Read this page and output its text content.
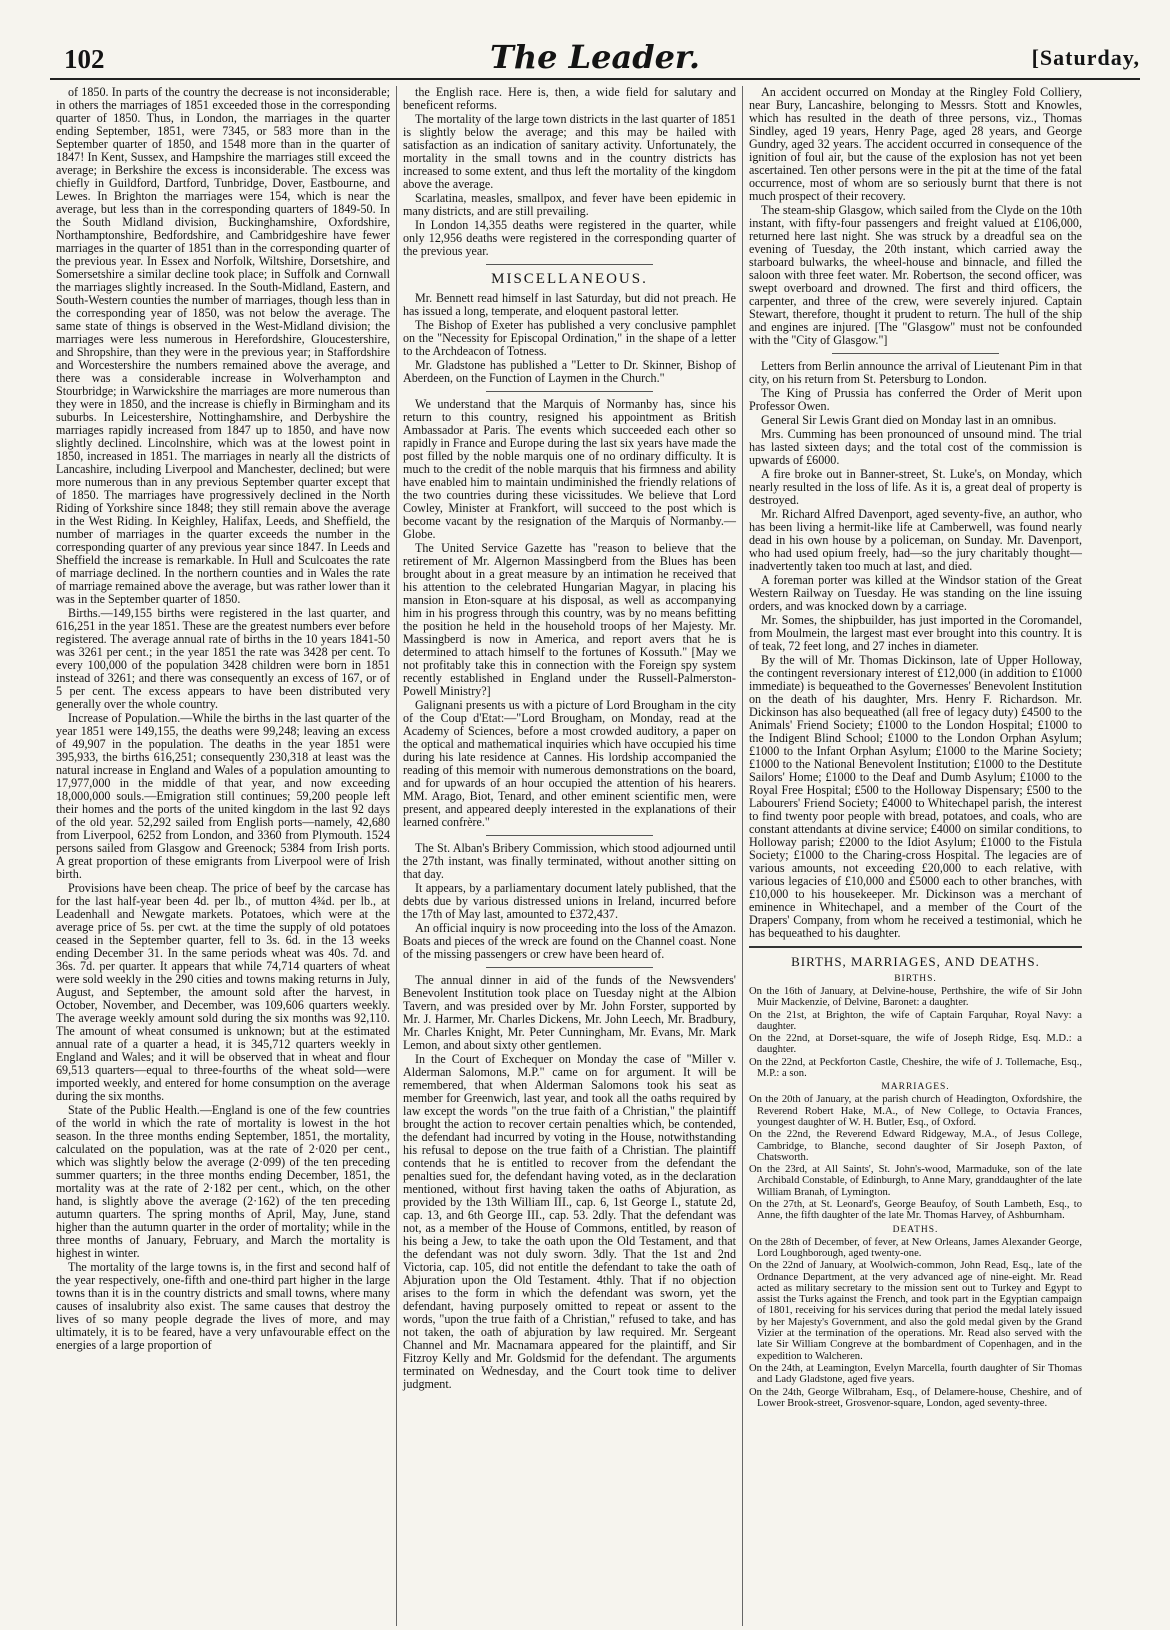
102	The Leader.	[Saturday,

of 1850. In parts of the country the decrease is not inconsiderable; in others the marriages of 1851 exceeded those in the corresponding quarter of 1850. Thus, in London, the marriages in the quarter ending September, 1851, were 7345, or 583 more than in the September quarter of 1850, and 1548 more than in the quarter of 1847! In Kent, Sussex, and Hampshire the marriages still exceed the average; in Berkshire the excess is inconsiderable. The excess was chiefly in Guildford, Dartford, Tunbridge, Dover, Eastbourne, and Lewes. In Brighton the marriages were 154, which is near the average, but less than in the corresponding quarters of 1849-50. In the South Midland division, Buckinghamshire, Oxfordshire, Northamptonshire, Bedfordshire, and Cambridgeshire have fewer marriages in the quarter of 1851 than in the corresponding quarter of the previous year. In Essex and Norfolk, Wiltshire, Dorsetshire, and Somersetshire a similar decline took place; in Suffolk and Cornwall the marriages slightly increased. In the South-Midland, Eastern, and South-Western counties the number of marriages, though less than in the corresponding year of 1850, was not below the average. The same state of things is observed in the West-Midland division; the marriages were less numerous in Herefordshire, Gloucestershire, and Shropshire, than they were in the previous year; in Staffordshire and Worcestershire the numbers remained above the average, and there was a considerable increase in Wolverhampton and Stourbridge; in Warwickshire the marriages are more numerous than they were in 1850, and the increase is chiefly in Birmingham and its suburbs. In Leicestershire, Nottinghamshire, and Derbyshire the marriages rapidly increased from 1847 up to 1850, and have now slightly declined. Lincolnshire, which was at the lowest point in 1850, increased in 1851. The marriages in nearly all the districts of Lancashire, including Liverpool and Manchester, declined; but were more numerous than in any previous September quarter except that of 1850. The marriages have progressively declined in the North Riding of Yorkshire since 1848; they still remain above the average in the West Riding. In Keighley, Halifax, Leeds, and Sheffield, the number of marriages in the quarter exceeds the number in the corresponding quarter of any previous year since 1847. In Leeds and Sheffield the increase is remarkable. In Hull and Sculcoates the rate of marriage declined. In the northern counties and in Wales the rate of marriage remained above the average, but was rather lower than it was in the September quarter of 1850.

Births.—149,155 births were registered in the last quarter, and 616,251 in the year 1851. These are the greatest numbers ever before registered. The average annual rate of births in the 10 years 1841-50 was 3261 per cent.; in the year 1851 the rate was 3428 per cent. To every 100,000 of the population 3428 children were born in 1851 instead of 3261; and there was consequently an excess of 167, or of 5 per cent. The excess appears to have been distributed very generally over the whole country.

Increase of Population.—While the births in the last quarter of the year 1851 were 149,155, the deaths were 99,248; leaving an excess of 49,907 in the population. The deaths in the year 1851 were 395,933, the births 616,251; consequently 230,318 at least was the natural increase in England and Wales of a population amounting to 17,977,000 in the middle of that year, and now exceeding 18,000,000 souls.—Emigration still continues; 59,200 people left their homes and the ports of the united kingdom in the last 92 days of the old year. 52,292 sailed from English ports—namely, 42,680 from Liverpool, 6252 from London, and 3360 from Plymouth. 1524 persons sailed from Glasgow and Greenock; 5384 from Irish ports. A great proportion of these emigrants from Liverpool were of Irish birth.

Provisions have been cheap. The price of beef by the carcase has for the last half-year been 4d. per lb., of mutton 4¾d. per lb., at Leadenhall and Newgate markets. Potatoes, which were at the average price of 5s. per cwt. at the time the supply of old potatoes ceased in the September quarter, fell to 3s. 6d. in the 13 weeks ending December 31. In the same periods wheat was 40s. 7d. and 36s. 7d. per quarter. It appears that while 74,714 quarters of wheat were sold weekly in the 290 cities and towns making returns in July, August, and September, the amount sold after the harvest, in October, November, and December, was 109,606 quarters weekly. The average weekly amount sold during the six months was 92,110. The amount of wheat consumed is unknown; but at the estimated annual rate of a quarter a head, it is 345,712 quarters weekly in England and Wales; and it will be observed that in wheat and flour 69,513 quarters—equal to three-fourths of the wheat sold—were imported weekly, and entered for home consumption on the average during the six months.

State of the Public Health.—England is one of the few countries of the world in which the rate of mortality is lowest in the hot season. In the three months ending September, 1851, the mortality, calculated on the population, was at the rate of 2·020 per cent., which was slightly below the average (2·099) of the ten preceding summer quarters; in the three months ending December, 1851, the mortality was at the rate of 2·182 per cent., which, on the other hand, is slightly above the average (2·162) of the ten preceding autumn quarters. The spring months of April, May, June, stand higher than the autumn quarter in the order of mortality; while in the three months of January, February, and March the mortality is highest in winter.

The mortality of the large towns is, in the first and second half of the year respectively, one-fifth and one-third part higher in the large towns than it is in the country districts and small towns, where many causes of insalubrity also exist. The same causes that destroy the lives of so many people degrade the lives of more, and may ultimately, it is to be feared, have a very unfavourable effect on the energies of a large proportion of

the English race. Here is, then, a wide field for salutary and beneficent reforms.

The mortality of the large town districts in the last quarter of 1851 is slightly below the average; and this may be hailed with satisfaction as an indication of sanitary activity. Unfortunately, the mortality in the small towns and in the country districts has increased to some extent, and thus left the mortality of the kingdom above the average.

Scarlatina, measles, smallpox, and fever have been epidemic in many districts, and are still prevailing.

In London 14,355 deaths were registered in the quarter, while only 12,956 deaths were registered in the corresponding quarter of the previous year.

MISCELLANEOUS.

Mr. Bennett read himself in last Saturday, but did not preach. He has issued a long, temperate, and eloquent pastoral letter.

The Bishop of Exeter has published a very conclusive pamphlet on the "Necessity for Episcopal Ordination," in the shape of a letter to the Archdeacon of Totness.

Mr. Gladstone has published a "Letter to Dr. Skinner, Bishop of Aberdeen, on the Function of Laymen in the Church."

We understand that the Marquis of Normanby has, since his return to this country, resigned his appointment as British Ambassador at Paris. The events which succeeded each other so rapidly in France and Europe during the last six years have made the post filled by the noble marquis one of no ordinary difficulty. It is much to the credit of the noble marquis that his firmness and ability have enabled him to maintain undiminished the friendly relations of the two countries during these vicissitudes. We believe that Lord Cowley, Minister at Frankfort, will succeed to the post which is become vacant by the resignation of the Marquis of Normanby.—Globe.

The United Service Gazette has "reason to believe that the retirement of Mr. Algernon Massingberd from the Blues has been brought about in a great measure by an intimation he received that his attention to the celebrated Hungarian Magyar, in placing his mansion in Eton-square at his disposal, as well as accompanying him in his progress through this country, was by no means befitting the position he held in the household troops of her Majesty. Mr. Massingberd is now in America, and report avers that he is determined to attach himself to the fortunes of Kossuth." [May we not profitably take this in connection with the Foreign spy system recently established in England under the Russell-Palmerston-Powell Ministry?]

Galignani presents us with a picture of Lord Brougham in the city of the Coup d'Etat:—"Lord Brougham, on Monday, read at the Academy of Sciences, before a most crowded auditory, a paper on the optical and mathematical inquiries which have occupied his time during his late residence at Cannes. His lordship accompanied the reading of this memoir with numerous demonstrations on the board, and for upwards of an hour occupied the attention of his hearers. MM. Arago, Biot, Tenard, and other eminent scientific men, were present, and appeared deeply interested in the explanations of their learned confrère."

The St. Alban's Bribery Commission, which stood adjourned until the 27th instant, was finally terminated, without another sitting on that day.

It appears, by a parliamentary document lately published, that the debts due by various distressed unions in Ireland, incurred before the 17th of May last, amounted to £372,437.

An official inquiry is now proceeding into the loss of the Amazon. Boats and pieces of the wreck are found on the Channel coast. None of the missing passengers or crew have been heard of.

The annual dinner in aid of the funds of the Newsvenders' Benevolent Institution took place on Tuesday night at the Albion Tavern, and was presided over by Mr. John Forster, supported by Mr. J. Harmer, Mr. Charles Dickens, Mr. John Leech, Mr. Bradbury, Mr. Charles Knight, Mr. Peter Cunningham, Mr. Evans, Mr. Mark Lemon, and about sixty other gentlemen.

In the Court of Exchequer on Monday the case of "Miller v. Alderman Salomons, M.P." came on for argument. It will be remembered, that when Alderman Salomons took his seat as member for Greenwich, last year, and took all the oaths required by law except the words "on the true faith of a Christian," the plaintiff brought the action to recover certain penalties which, be contended, the defendant had incurred by voting in the House, notwithstanding his refusal to depose on the true faith of a Christian. The plaintiff contends that he is entitled to recover from the defendant the penalties sued for, the defendant having voted, as in the declaration mentioned, without first having taken the oaths of Abjuration, as provided by the 13th William III., cap. 6, 1st George I., statute 2d, cap. 13, and 6th George III., cap. 53. 2dly. That the defendant was not, as a member of the House of Commons, entitled, by reason of his being a Jew, to take the oath upon the Old Testament, and that the defendant was not duly sworn. 3dly. That the 1st and 2nd Victoria, cap. 105, did not entitle the defendant to take the oath of Abjuration upon the Old Testament. 4thly. That if no objection arises to the form in which the defendant was sworn, yet the defendant, having purposely omitted to repeat or assent to the words, "upon the true faith of a Christian," refused to take, and has not taken, the oath of abjuration by law required. Mr. Sergeant Channel and Mr. Macnamara appeared for the plaintiff, and Sir Fitzroy Kelly and Mr. Goldsmid for the defendant. The arguments terminated on Wednesday, and the Court took time to deliver judgment.

An accident occurred on Monday at the Ringley Fold Colliery, near Bury, Lancashire, belonging to Messrs. Stott and Knowles, which has resulted in the death of three persons, viz., Thomas Sindley, aged 19 years, Henry Page, aged 28 years, and George Gundry, aged 32 years. The accident occurred in consequence of the ignition of foul air, but the cause of the explosion has not yet been ascertained. Ten other persons were in the pit at the time of the fatal occurrence, most of whom are so seriously burnt that there is not much prospect of their recovery.

The steam-ship Glasgow, which sailed from the Clyde on the 10th instant, with fifty-four passengers and freight valued at £106,000, returned here last night. She was struck by a dreadful sea on the evening of Tuesday, the 20th instant, which carried away the starboard bulwarks, the wheel-house and binnacle, and filled the saloon with three feet water. Mr. Robertson, the second officer, was swept overboard and drowned. The first and third officers, the carpenter, and three of the crew, were severely injured. Captain Stewart, therefore, thought it prudent to return. The hull of the ship and engines are injured. [The "Glasgow" must not be confounded with the "City of Glasgow."]

Letters from Berlin announce the arrival of Lieutenant Pim in that city, on his return from St. Petersburg to London.

The King of Prussia has conferred the Order of Merit upon Professor Owen.

General Sir Lewis Grant died on Monday last in an omnibus.

Mrs. Cumming has been pronounced of unsound mind. The trial has lasted sixteen days; and the total cost of the commission is upwards of £6000.

A fire broke out in Banner-street, St. Luke's, on Monday, which nearly resulted in the loss of life. As it is, a great deal of property is destroyed.

Mr. Richard Alfred Davenport, aged seventy-five, an author, who has been living a hermit-like life at Camberwell, was found nearly dead in his own house by a policeman, on Sunday. Mr. Davenport, who had used opium freely, had—so the jury charitably thought—inadvertently taken too much at last, and died.

A foreman porter was killed at the Windsor station of the Great Western Railway on Tuesday. He was standing on the line issuing orders, and was knocked down by a carriage.

Mr. Somes, the shipbuilder, has just imported in the Coromandel, from Moulmein, the largest mast ever brought into this country. It is of teak, 72 feet long, and 27 inches in diameter.

By the will of Mr. Thomas Dickinson, late of Upper Holloway, the contingent reversionary interest of £12,000 (in addition to £1000 immediate) is bequeathed to the Governesses' Benevolent Institution on the death of his daughter, Mrs. Henry F. Richardson. Mr. Dickinson has also bequeathed (all free of legacy duty) £4500 to the Animals' Friend Society; £1000 to the London Hospital; £1000 to the Indigent Blind School; £1000 to the London Orphan Asylum; £1000 to the Infant Orphan Asylum; £1000 to the Marine Society; £1000 to the National Benevolent Institution; £1000 to the Destitute Sailors' Home; £1000 to the Deaf and Dumb Asylum; £1000 to the Royal Free Hospital; £500 to the Holloway Dispensary; £500 to the Labourers' Friend Society; £4000 to Whitechapel parish, the interest to find twenty poor people with bread, potatoes, and coals, who are constant attendants at divine service; £4000 on similar conditions, to Holloway parish; £2000 to the Idiot Asylum; £1000 to the Fistula Society; £1000 to the Charing-cross Hospital. The legacies are of various amounts, not exceeding £20,000 to each relative, with various legacies of £10,000 and £5000 each to other branches, with £10,000 to his housekeeper. Mr. Dickinson was a merchant of eminence in Whitechapel, and a member of the Court of the Drapers' Company, from whom he received a testimonial, which he has bequeathed to his daughter.

BIRTHS, MARRIAGES, AND DEATHS.
BIRTHS.

On the 16th of January, at Delvine-house, Perthshire, the wife of Sir John Muir Mackenzie, of Delvine, Baronet: a daughter.

On the 21st, at Brighton, the wife of Captain Farquhar, Royal Navy: a daughter.

On the 22nd, at Dorset-square, the wife of Joseph Ridge, Esq. M.D.: a daughter.

On the 22nd, at Peckforton Castle, Cheshire, the wife of J. Tollemache, Esq., M.P.: a son.

MARRIAGES.

On the 20th of January, at the parish church of Headington, Oxfordshire, the Reverend Robert Hake, M.A., of New College, to Octavia Frances, youngest daughter of W. H. Butler, Esq., of Oxford.

On the 22nd, the Reverend Edward Ridgeway, M.A., of Jesus College, Cambridge, to Blanche, second daughter of Sir Joseph Paxton, of Chatsworth.

On the 23rd, at All Saints', St. John's-wood, Marmaduke, son of the late Archibald Constable, of Edinburgh, to Anne Mary, granddaughter of the late William Branah, of Lymington.

On the 27th, at St. Leonard's, George Beaufoy, of South Lambeth, Esq., to Anne, the fifth daughter of the late Mr. Thomas Harvey, of Ashburnham.

DEATHS.

On the 28th of December, of fever, at New Orleans, James Alexander George, Lord Loughborough, aged twenty-one.

On the 22nd of January, at Woolwich-common, John Read, Esq., late of the Ordnance Department, at the very advanced age of nine-eight. Mr. Read acted as military secretary to the mission sent out to Turkey and Egypt to assist the Turks against the French, and took part in the Egyptian campaign of 1801, receiving for his services during that period the medal lately issued by her Majesty's Government, and also the gold medal given by the Grand Vizier at the termination of the operations. Mr. Read also served with the late Sir William Congreve at the bombardment of Copenhagen, and in the expedition to Walcheren.

On the 24th, at Leamington, Evelyn Marcella, fourth daughter of Sir Thomas and Lady Gladstone, aged five years.

On the 24th, George Wilbraham, Esq., of Delamere-house, Cheshire, and of Lower Brook-street, Grosvenor-square, London, aged seventy-three.
